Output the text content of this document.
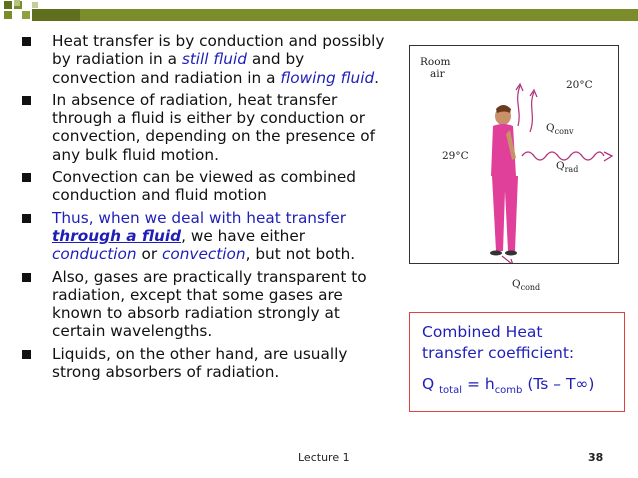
Heat transfer is by conduction and possibly by radiation in a still fluid and by convection and radiation in a flowing fluid.
In absence of radiation, heat transfer through a fluid is either by conduction or convection, depending on the presence of any bulk fluid motion.
Convection can be viewed as combined conduction and fluid motion
Thus, when we deal with heat transfer through a fluid, we have either conduction or convection, but not both.
Also, gases are practically transparent to radiation, except that some gases are known to absorb radiation strongly at certain wavelengths.
Liquids, on the other hand, are usually strong absorbers of radiation.
Room
air
20°C
29°C
$Q_{conv}$
$Q_{rad}$
$Q_{cond}$
Combined Heat
transfer coefficient:
Q $_{total} = h_{comb}$ (Ts – T∞)
Lecture 1	38
